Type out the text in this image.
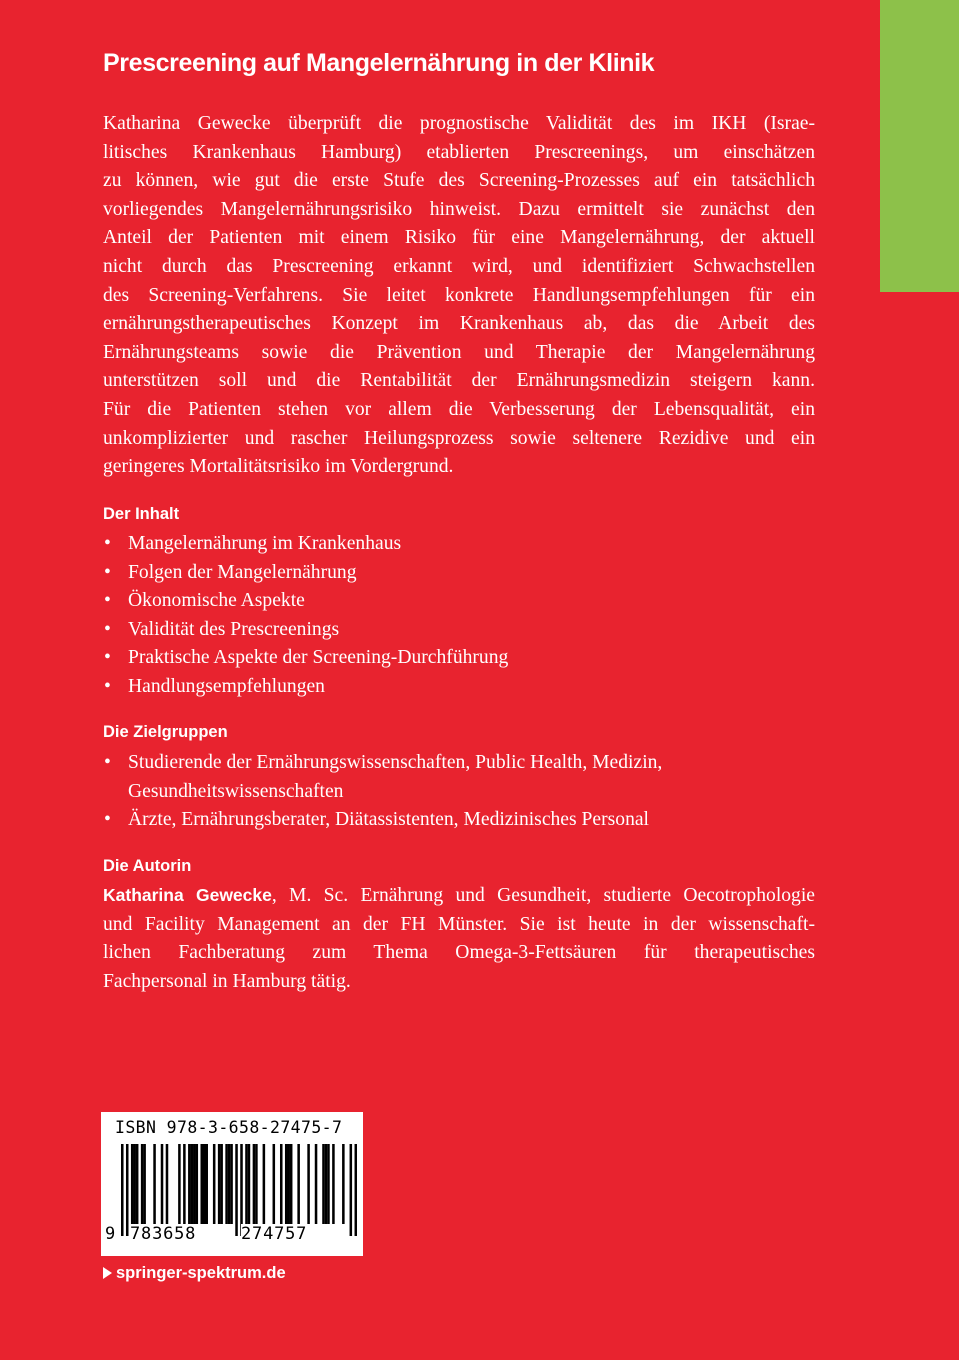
Prescreening auf Mangelernährung in der Klinik
Katharina Gewecke überprüft die prognostische Validität des im IKH (Israe-
litisches Krankenhaus Hamburg) etablierten Prescreenings, um einschätzen
zu können, wie gut die erste Stufe des Screening-Prozesses auf ein tatsächlich
vorliegendes Mangelernährungsrisiko hinweist. Dazu ermittelt sie zunächst den
Anteil der Patienten mit einem Risiko für eine Mangelernährung, der aktuell
nicht durch das Prescreening erkannt wird, und identifiziert Schwachstellen
des Screening-Verfahrens. Sie leitet konkrete Handlungsempfehlungen für ein
ernährungstherapeutisches Konzept im Krankenhaus ab, das die Arbeit des
Ernährungsteams sowie die Prävention und Therapie der Mangelernährung
unterstützen soll und die Rentabilität der Ernährungsmedizin steigern kann.
Für die Patienten stehen vor allem die Verbesserung der Lebensqualität, ein
unkomplizierter und rascher Heilungsprozess sowie seltenere Rezidive und ein
geringeres Mortalitätsrisiko im Vordergrund.
Der Inhalt
• Mangelernährung im Krankenhaus
• Folgen der Mangelernährung
• Ökonomische Aspekte
• Validität des Prescreenings
• Praktische Aspekte der Screening-Durchführung
• Handlungsempfehlungen
Die Zielgruppen
• Studierende der Ernährungswissenschaften, Public Health, Medizin,
Gesundheitswissenschaften
• Ärzte, Ernährungsberater, Diätassistenten, Medizinisches Personal
Die Autorin
Katharina Gewecke, M. Sc. Ernährung und Gesundheit, studierte Oecotrophologie
und Facility Management an der FH Münster. Sie ist heute in der wissenschaft-
lichen Fachberatung zum Thema Omega-3-Fettsäuren für therapeutisches
Fachpersonal in Hamburg tätig.
ISBN 978-3-658-27475-7
9 783658	274757
springer-spektrum.de
